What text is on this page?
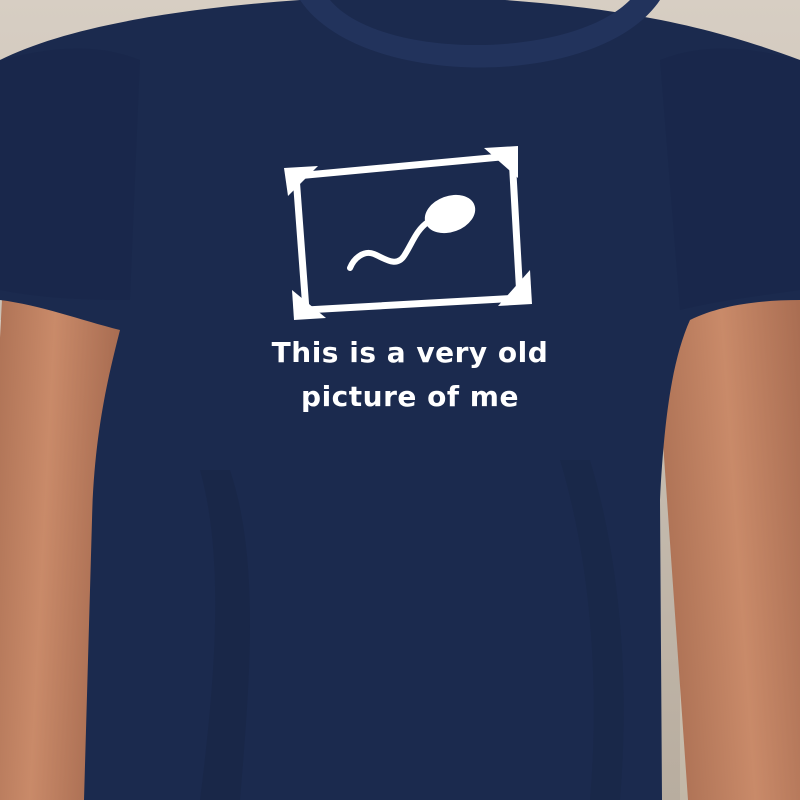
This is a very old
picture of me
